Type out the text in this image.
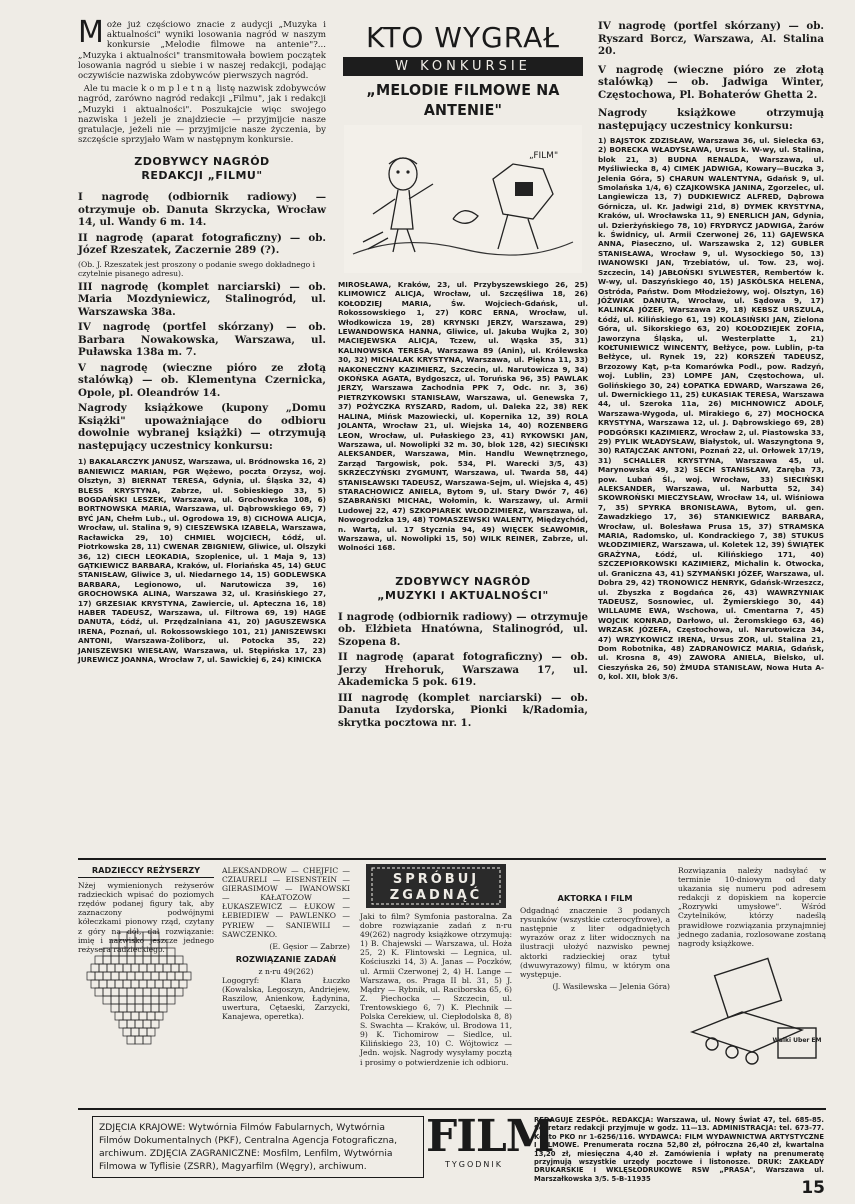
Może już częściowo znacie z audycji „Muzyka i aktualności" wyniki losowania nagród w naszym konkursie „Melodie filmowe na antenie"?... „Muzyka i aktualności" transmitowała bowiem początek losowania nagród u siebie i w naszej redakcji, podając oczywiście nazwiska zdobywców pierwszych nagród.

Ale tu macie kompletną listę nazwisk zdobywców nagród, zarówno nagród redakcji „Filmu", jak i redakcji „Muzyki i aktualności". Poszukajcie więc swojego nazwiska i jeżeli je znajdziecie — przyjmijcie nasze gratulacje, jeżeli nie — przyjmijcie nasze życzenia, by szczęście sprzyjało Wam w następnym konkursie.

ZDOBYWCY NAGRÓD
REDAKCJI „FILMU"

I nagrodę (odbiornik radiowy) — otrzymuje ob. Danuta Skrzycka, Wrocław 14, ul. Wandy 6 m. 14.

II nagrodę (aparat fotograficzny) — ob. Józef Rzeszatek, Zaczernie 289 (?).

(Ob. J. Rzeszatek jest proszony o podanie swego dokładnego i czytelnie pisanego adresu).

III nagrodę (komplet narciarski) — ob. Maria Mozdyniewicz, Stalinogród, ul. Warszawska 38a.

IV nagrodę (portfel skórzany) — ob. Barbara Nowakowska, Warszawa, ul. Puławska 138a m. 7.

V nagrodę (wieczne pióro ze złotą stalówką) — ob. Klementyna Czernicka, Opole, pl. Oleandrów 14.

Nagrody książkowe (kupony „Domu Książki" upoważniające do odbioru dowolnie wybranej książki) — otrzymują następujący uczestnicy konkursu:

1) BAKALARCZYK JANUSZ, Warszawa, ul. Bródnowska 16, 2) BANIEWICZ MARIAN, PGR Wężewo, poczta Orzysz, woj. Olsztyn, 3) BIERNAT TERESA, Gdynia, ul. Śląska 32, 4) BLESS KRYSTYNA, Zabrze, ul. Sobieskiego 33, 5) BOGDAŃSKI LESZEK, Warszawa, ul. Grochowska 108, 6) BORTNOWSKA MARIA, Warszawa, ul. Dąbrowskiego 69, 7) BYĆ JAN, Chełm Lub., ul. Ogrodowa 19, 8) CICHOWA ALICJA, Wrocław, ul. Stalina 9, 9) CIESZEWSKA IZABELA, Warszawa, Racławicka 29, 10) CHMIEL WOJCIECH, Łódź, ul. Piotrkowska 28, 11) CWENAR ZBIGNIEW, Gliwice, ul. Olszyki 36, 12) CIECH LEOKADIA, Szoplenice, ul. 1 Maja 9, 13) GĄTKIEWICZ BARBARA, Kraków, ul. Floriańska 45, 14) GŁUC STANISŁAW, Gliwice 3, ul. Niedarnego 14, 15) GODLEWSKA BARBARA, Legionowo, ul. Narutowicza 39, 16) GROCHOWSKA ALINA, Warszawa 32, ul. Krasińskiego 27, 17) GRZESIAK KRYSTYNA, Zawiercie, ul. Apteczna 16, 18) HABER TADEUSZ, Warszawa, ul. Filtrowa 69, 19) HAGE DANUTA, Łódź, ul. Przędzalniana 41, 20) JAGUSZEWSKA IRENA, Poznań, ul. Rokossowskiego 101, 21) JANISZEWSKI ANTONI, Warszawa-Żoliborz, ul. Potocka 35, 22) JANISZEWSKI WIESŁAW, Warszawa, ul. Stępińska 17, 23) JUREWICZ JOANNA, Wrocław 7, ul. Sawickiej 6, 24) KINICKA

KTO WYGRAŁ
W KONKURSIE
„MELODIE FILMOWE NA ANTENIE"
„FILM"

MIROSŁAWA, Kraków, 23, ul. Przybyszewskiego 26, 25) KLIMOWICZ ALICJA, Wrocław, ul. Szczęśliwa 18, 26) KOŁODZIEJ MARIA, Św. Wojciech-Gdańsk, ul. Rokossowskiego 1, 27) KORC ERNA, Wrocław, ul. Włodkowicza 19, 28) KRYNSKI JERZY, Warszawa, 29) LEWANDOWSKA HANNA, Gliwice, ul. Jakuba Wujka 2, 30) MACIEJEWSKA ALICJA, Tczew, ul. Wąska 35, 31) KALINOWSKA TERESA, Warszawa 89 (Anin), ul. Królewska 30, 32) MICHALAK KRYSTYNA, Warszawa, ul. Piękna 11, 33) NAKONECZNY KAZIMIERZ, Szczecin, ul. Narutowicza 9, 34) OKOŃSKA AGATA, Bydgoszcz, ul. Toruńska 96, 35) PAWLAK JERZY, Warszawa Zachodnia PPK 7, Odc. nr. 3, 36) PIETRZYKOWSKI STANISŁAW, Warszawa, ul. Genewska 7, 37) POŻYCZKA RYSZARD, Radom, ul. Daleka 22, 38) REK HALINA, Mińsk Mazowiecki, ul. Kopernika 12, 39) ROLA JOLANTA, Wrocław 21, ul. Wiejska 14, 40) ROZENBERG LEON, Wrocław, ul. Pułaskiego 23, 41) RYKOWSKI JAN, Warszawa, ul. Nowolipki 32 m. 30, blok 128, 42) SIECIŃSKI ALEKSANDER, Warszawa, Min. Handlu Wewnętrznego, Zarząd Targowisk, pok. 534, Pl. Warecki 3/5, 43) SKRZECZYŃSKI ZYGMUNT, Warszawa, ul. Twarda 58, 44) STANISŁAWSKI TADEUSZ, Warszawa-Sejm, ul. Wiejska 4, 45) STARACHOWICZ ANIELA, Bytom 9, ul. Stary Dwór 7, 46) SZABRAŃSKI MICHAŁ, Wołomin, k. Warszawy, ul. Armii Ludowej 22, 47) SZKOPIAREK WŁODZIMIERZ, Warszawa, ul. Nowogrodzka 19, 48) TOMASZEWSKI WALENTY, Międzychód, n. Wartą, ul. 17 Stycznia 94, 49) WIĘCEK SŁAWOMIR, Warszawa, ul. Nowolipki 15, 50) WILK REINER, Zabrze, ul. Wolności 168.

ZDOBYWCY NAGRÓD
„MUZYKI I AKTUALNOŚCI"

I nagrodę (odbiornik radiowy) — otrzymuje ob. Elżbieta Hnatówna, Stalinogród, ul. Szopena 8.

II nagrodę (aparat fotograficzny) — ob. Jerzy Hrehoruk, Warszawa 17, ul. Akademicka 5 pok. 619.

III nagrodę (komplet narciarski) — ob. Danuta Izydorska, Pionki k/Radomia, skrytka pocztowa nr. 1.

IV nagrodę (portfel skórzany) — ob. Ryszard Borcz, Warszawa, Al. Stalina 20.

V nagrodę (wieczne pióro ze złotą stalówką) — ob. Jadwiga Winter, Częstochowa, Pl. Bohaterów Ghetta 2.

Nagrody książkowe otrzymują następujący uczestnicy konkursu:

1) BAJSTOK ZDZISŁAW, Warszawa 36, ul. Sielecka 63, 2) BORECKA WŁADYSŁAWA, Ursus k. W-wy, ul. Stalina, blok 21, 3) BUDNA RENALDA, Warszawa, ul. Myśliwiecka 8, 4) CIMEK JADWIGA, Kowary—Buczka 3, Jelenia Góra, 5) CHARUN WALENTYNA, Gdańsk 9, ul. Smolańska 1/4, 6) CZAJKOWSKA JANINA, Zgorzelec, ul. Langiewicza 13, 7) DUDKIEWICZ ALFRED, Dąbrowa Górnicza, ul. Kr. Jadwigi 21d, 8) DYMEK KRYSTYNA, Kraków, ul. Wrocławska 11, 9) ENERLICH JAN, Gdynia, ul. Dzierżyńskiego 78, 10) FRYDRYCZ JADWIGA, Żarów k. Świdnicy, ul. Armii Czerwonej 26, 11) GAJEWSKA ANNA, Piaseczno, ul. Warszawska 2, 12) GUBLER STANISŁAWA, Wrocław 9, ul. Wysockiego 50, 13) IWANOWSKI JAN, Trzebiatów, ul. Tow. 23, woj. Szczecin, 14) JABŁOŃSKI SYLWESTER, Rembertów k. W-wy, ul. Daszyńskiego 40, 15) JASKÓLSKA HELENA, Ostróda, Państw. Dom Młodzieżowy, woj. Olsztyn, 16) JÓŹWIAK DANUTA, Wrocław, ul. Sądowa 9, 17) KALINKA JÓZEF, Warszawa 29, 18) KEBSZ URSZULA, Łódź, ul. Kilińskiego 61, 19) KOLASIŃSKI JAN, Zielona Góra, ul. Sikorskiego 63, 20) KOŁODZIEJEK ZOFIA, Jaworzyna Śląska, ul. Westerplatte 1, 21) KOŁTUNIEWICZ WINCENTY, Bełżyce, pow. Lublin, p-ta Bełżyce, ul. Rynek 19, 22) KORSZEŃ TADEUSZ, Brzozowy Kąt, p-ta Komarówka Podl., pow. Radzyń, woj. Lublin, 23) LOMPE JAN, Częstochowa, ul. Golińskiego 30, 24) ŁOPATKA EDWARD, Warszawa 26, ul. Dwernickiego 11, 25) ŁUKASIAK TERESA, Warszawa 44, ul. Szeroka 11a, 26) MICHNOWICZ ADOLF, Warszawa-Wygoda, ul. Mirakiego 6, 27) MOCHOCKA KRYSTYNA, Warszawa 12, ul. J. Dąbrowskiego 69, 28) PODGÓRSKI KAZIMIERZ, Wrocław 2, ul. Piastowska 33, 29) PYLIK WŁADYSŁAW, Białystok, ul. Waszyngtona 9, 30) RATAJCZAK ANTONI, Poznań 22, ul. Orłowek 17/19, 31) SCHALLER KRYSTYNA, Warszawa 45, ul. Marynowska 49, 32) SECH STANISŁAW, Zaręba 73, pow. Lubań Śl., woj. Wrocław, 33) SIECIŃSKI ALEKSANDER, Warszawa, ul. Narbutta 52, 34) SKOWROŃSKI MIECZYSŁAW, Wrocław 14, ul. Wiśniowa 7, 35) SPYRKA BRONISŁAWA, Bytom, ul. gen. Zawadzkiego 17, 36) STANKIEWICZ BARBARA, Wrocław, ul. Bolesława Prusa 15, 37) STRAMSKA MARIA, Radomsko, ul. Kondrackiego 7, 38) STUKUS WŁODZIMIERZ, Warszawa, ul. Koletek 12, 39) ŚWIĄTEK GRAŻYNA, Łódź, ul. Kilińskiego 171, 40) SZCZEPIORKOWSKI KAZIMIERZ, Michalin k. Otwocka, ul. Graniczna 43, 41) SZYMAŃSKI JÓZEF, Warszawa, ul. Dobra 29, 42) TRONOWICZ HENRYK, Gdańsk-Wrzeszcz, ul. Zbyszka z Bogdańca 26, 43) WAWRZYNIAK TADEUSZ, Sosnowiec, ul. Żymierskiego 30, 44) WILLAUME EWA, Wschowa, ul. Cmentarna 7, 45) WOJCIK KONRAD, Darłowo, ul. Żeromskiego 63, 46) WRZASK JÓZEFA, Częstochowa, ul. Narutowicza 34, 47) WRZYKOWICZ IRENA, Ursus ZOR, ul. Stalina 21, Dom Robotnika, 48) ZADRANOWICZ MARIA, Gdańsk, ul. Krosna 8, 49) ZAWORA ANIELA, Bielsko, ul. Cieszyńska 26, 50) ŻMUDA STANISŁAW, Nowa Huta A-0, kol. XII, blok 3/6.

RADZIECCY REŻYSERZY

Nżej wymienionych reżyserów radzieckich wpisać do poziomych rzędów podanej figury tak, aby zaznaczony podwójnymi kółeczkami pionowy rząd, czytany z góry na dół, dał rozwiązanie: imię i nazwisko jeszcze jednego reżysera radzieckiego.

ALEKSANDROW — CHEJFIC — CZIAURELI — EISENSTEIN — GIERASIMOW — IWANOWSKI — KAŁATOZOW — ŁUKASZEWICZ — ŁUKOW — ŁEBIEDIEW — PAWLENKO — PYRIEW — SANIEWILI — SAWCZENKO.

(E. Gęsior — Zabrze)

ROZWIĄZANIE ZADAŃ
z n-ru 49(262)

Logogryf: Klara Łuczko (Kowalska, Legoszyn, Andriejew, Raszilow, Anienkow, Łądynina, uwertura, Cętaeski, Zarzycki, Kanajewa, operetka).

SPRÓBUJ
ZGADNĄĆ

Jaki to film? Symfonia pastoralna. Za dobre rozwiązanie zadań z n-ru 49(262) nagrody książkowe otrzymują: 1) B. Chajewski — Warszawa, ul. Hoża 25, 2) K. Flintowski — Legnica, ul. Kościuszki 14, 3) A. Janas — Poczków, ul. Armii Czerwonej 2, 4) H. Lange — Warszawa, os. Praga II bl. 31, 5) J. Mądry — Rybnik, ul. Raciborska 65, 6) Z. Piechocka — Szczecin, ul. Trentowskiego 6, 7) K. Plechnik — Polska Cerekiew, ul. Ciepłodolska 8, 8) S. Swachta — Kraków, ul. Brodowa 11, 9) K. Tichomirow — Siedlce, ul. Kilińskiego 23, 10) C. Wójtowicz — Jedn. wojsk. Nagrody wysyłamy pocztą i prosimy o potwierdzenie ich odbioru.

AKTORKA I FILM

Odgadnąć znaczenie 3 podanych rysunków (wszystkie czterocyfrowe), a następnie z liter odgadniętych wyrazów oraz z liter widocznych na ilustracji ułożyć nazwisko pewnej aktorki radzieckiej oraz tytuł (dwuwyrazowy) filmu, w którym ona występuje.

(J. Wasilewska — Jelenia Góra)

Rozwiązania należy nadsyłać w terminie 10-dniowym od daty ukazania się numeru pod adresem redakcji z dopiskiem na kopercie „Rozrywki umysłowe". Wśród Czytelników, którzy nadeślą prawidłowe rozwiązania przynajmniej jednego zadania, rozlosowane zostaną nagrody książkowe.

Walki Uber EM
ZDJĘCIA KRAJOWE: Wytwórnia Filmów Fabularnych, Wytwórnia Filmów Dokumentalnych (PKF), Centralna Agencja Fotograficzna, archiwum. ZDJĘCIA ZAGRANICZNE: Mosfilm, Lenfilm, Wytwórnia Filmowa w Tyflisie (ZSRR), Magyarfilm (Węgry), archiwum.
FILM
TYGODNIK
REDAGUJE ZESPÓŁ. REDAKCJA: Warszawa, ul. Nowy Świat 47, tel. 685-85. Sekretarz redakcji przyjmuje w godz. 11—13. ADMINISTRACJA: tel. 673-77. Konto PKO nr 1-6256/116. WYDAWCA: FILM WYDAWNICTWA ARTYSTYCZNE I FILMOWE. Prenumerata roczna 52,80 zł, półroczna 26,40 zł, kwartalna 13,20 zł, miesięczna 4,40 zł. Zamówienia i wpłaty na prenumeratę przyjmują wszystkie urzędy pocztowe i listonosze. DRUK: ZAKŁADY DRUKARSKIE I WKLĘSŁODRUKOWE RSW „PRASA", Warszawa ul. Marszałkowska 3/5. 5-B-11935	15
